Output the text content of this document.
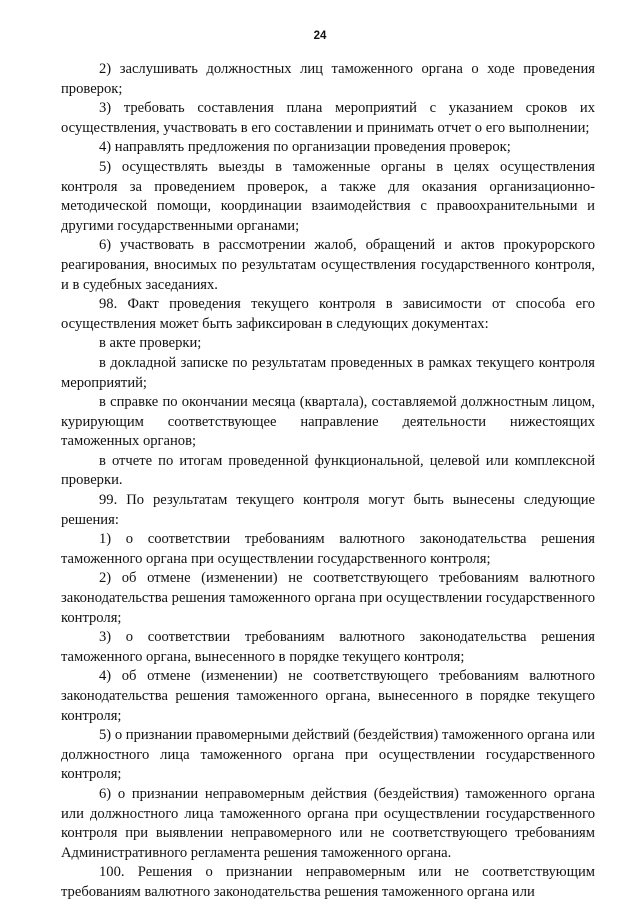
24

2) заслушивать должностных лиц таможенного органа о ходе проведения проверок;

3) требовать составления плана мероприятий с указанием сроков их осуществления, участвовать в его составлении и принимать отчет о его выполнении;

4) направлять предложения по организации проведения проверок;

5) осуществлять выезды в таможенные органы в целях осуществления контроля за проведением проверок, а также для оказания организационно-методической помощи, координации взаимодействия с правоохранительными и другими государственными органами;

6) участвовать в рассмотрении жалоб, обращений и актов прокурорского реагирования, вносимых по результатам осуществления государственного контроля, и в судебных заседаниях.

98. Факт проведения текущего контроля в зависимости от способа его осуществления может быть зафиксирован в следующих документах:

в акте проверки;

в докладной записке по результатам проведенных в рамках текущего контроля мероприятий;

в справке по окончании месяца (квартала), составляемой должностным лицом, курирующим соответствующее направление деятельности нижестоящих таможенных органов;

в отчете по итогам проведенной функциональной, целевой или комплексной проверки.

99. По результатам текущего контроля могут быть вынесены следующие решения:

1) о соответствии требованиям валютного законодательства решения таможенного органа при осуществлении государственного контроля;

2) об отмене (изменении) не соответствующего требованиям валютного законодательства решения таможенного органа при осуществлении государственного контроля;

3) о соответствии требованиям валютного законодательства решения таможенного органа, вынесенного в порядке текущего контроля;

4) об отмене (изменении) не соответствующего требованиям валютного законодательства решения таможенного органа, вынесенного в порядке текущего контроля;

5) о признании правомерными действий (бездействия) таможенного органа или должностного лица таможенного органа при осуществлении государственного контроля;

6) о признании неправомерным действия (бездействия) таможенного органа или должностного лица таможенного органа при осуществлении государственного контроля при выявлении неправомерного или не соответствующего требованиям Административного регламента решения таможенного органа.

100. Решения о признании неправомерным или не соответствующим требованиям валютного законодательства решения таможенного органа или
